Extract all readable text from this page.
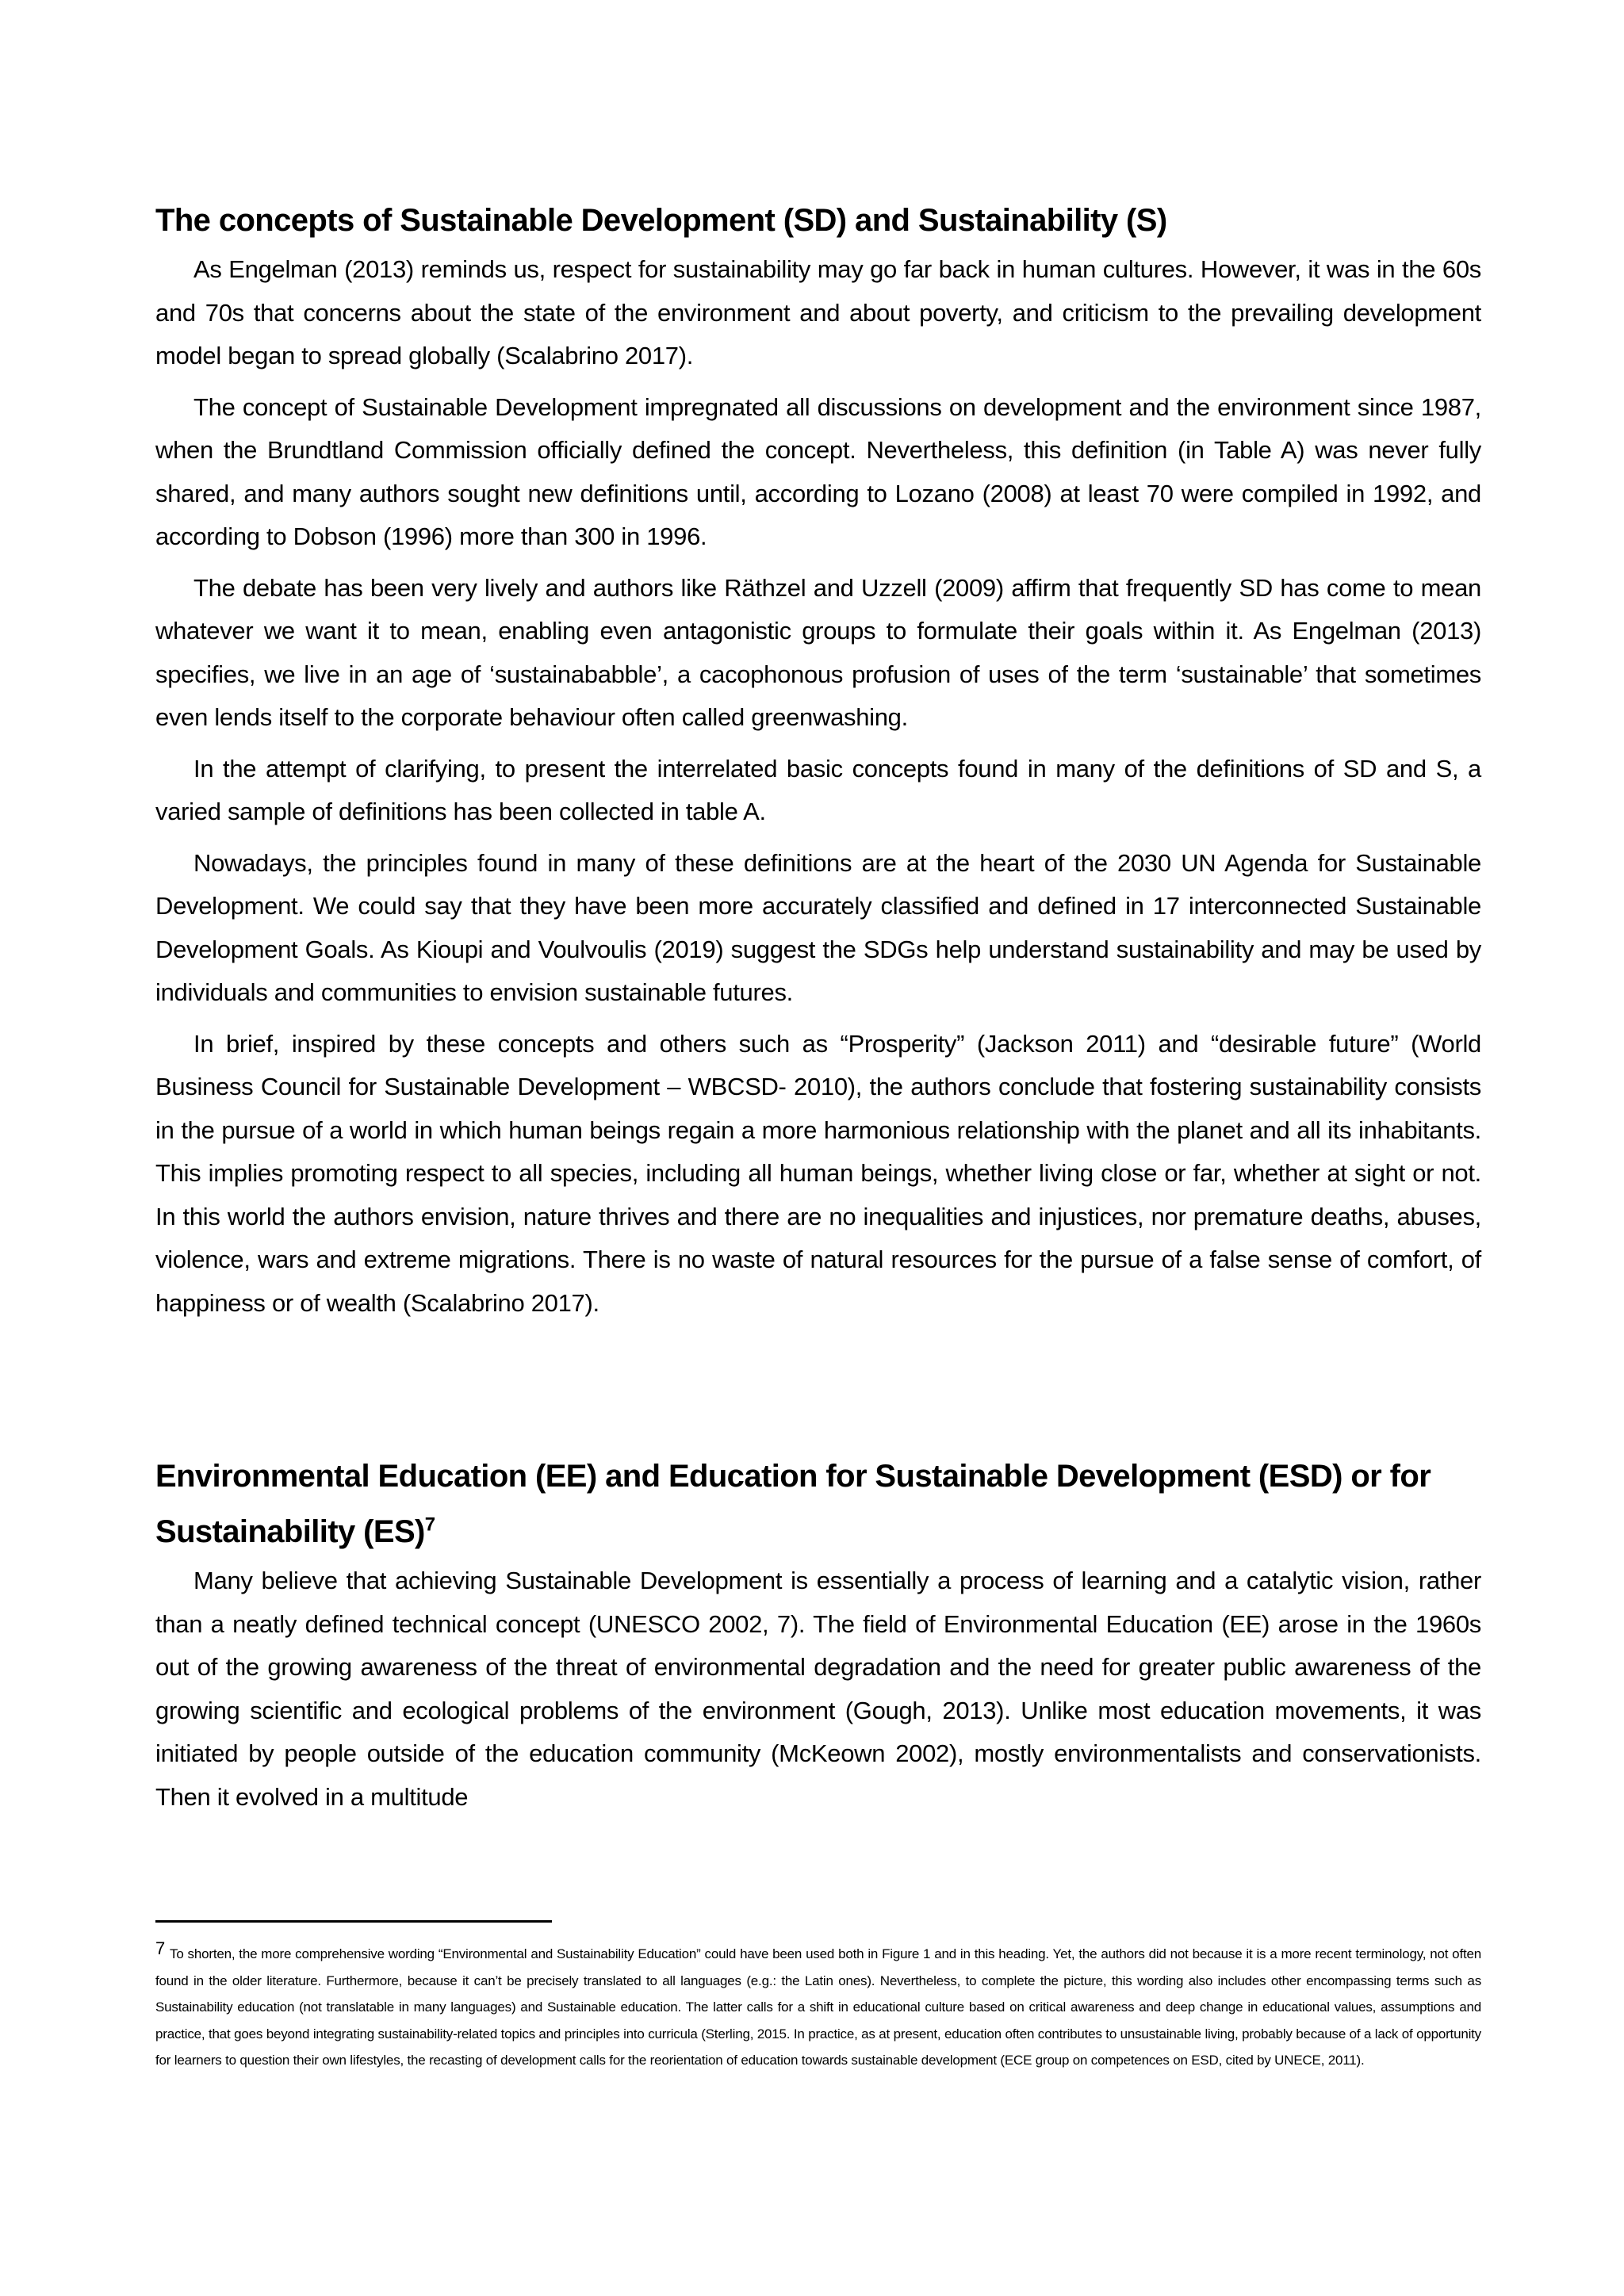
The concepts of Sustainable Development (SD) and Sustainability (S)

As Engelman (2013) reminds us, respect for sustainability may go far back in human cultures. However, it was in the 60s and 70s that concerns about the state of the environment and about poverty, and criticism to the prevailing development model began to spread globally (Scalabrino 2017).

The concept of Sustainable Development impregnated all discussions on development and the environment since 1987, when the Brundtland Commission officially defined the concept. Nevertheless, this definition (in Table A) was never fully shared, and many authors sought new definitions until, according to Lozano (2008) at least 70 were compiled in 1992, and according to Dobson (1996) more than 300 in 1996.

The debate has been very lively and authors like Räthzel and Uzzell (2009) affirm that frequently SD has come to mean whatever we want it to mean, enabling even antagonistic groups to formulate their goals within it. As Engelman (2013) specifies, we live in an age of ‘sustainababble’, a cacophonous profusion of uses of the term ‘sustainable’ that sometimes even lends itself to the corporate behaviour often called greenwashing.

In the attempt of clarifying, to present the interrelated basic concepts found in many of the definitions of SD and S, a varied sample of definitions has been collected in table A.

Nowadays, the principles found in many of these definitions are at the heart of the 2030 UN Agenda for Sustainable Development. We could say that they have been more accurately classified and defined in 17 interconnected Sustainable Development Goals. As Kioupi and Voulvoulis (2019) suggest the SDGs help understand sustainability and may be used by individuals and communities to envision sustainable futures.

In brief, inspired by these concepts and others such as “Prosperity” (Jackson 2011) and “desirable future” (World Business Council for Sustainable Development – WBCSD- 2010), the authors conclude that fostering sustainability consists in the pursue of a world in which human beings regain a more harmonious relationship with the planet and all its inhabitants. This implies promoting respect to all species, including all human beings, whether living close or far, whether at sight or not. In this world the authors envision, nature thrives and there are no inequalities and injustices, nor premature deaths, abuses, violence, wars and extreme migrations. There is no waste of natural resources for the pursue of a false sense of comfort, of happiness or of wealth (Scalabrino 2017).

Environmental Education (EE) and Education for Sustainable Development (ESD) or for Sustainability (ES)$^7$

Many believe that achieving Sustainable Development is essentially a process of learning and a catalytic vision, rather than a neatly defined technical concept (UNESCO 2002, 7). The field of Environmental Education (EE) arose in the 1960s out of the growing awareness of the threat of environmental degradation and the need for greater public awareness of the growing scientific and ecological problems of the environment (Gough, 2013). Unlike most education movements, it was initiated by people outside of the education community (McKeown 2002), mostly environmentalists and conservationists. Then it evolved in a multitude

$^7$ To shorten, the more comprehensive wording “Environmental and Sustainability Education” could have been used both in Figure 1 and in this heading. Yet, the authors did not because it is a more recent terminology, not often found in the older literature. Furthermore, because it can’t be precisely translated to all languages (e.g.: the Latin ones). Nevertheless, to complete the picture, this wording also includes other encompassing terms such as Sustainability education (not translatable in many languages) and Sustainable education. The latter calls for a shift in educational culture based on critical awareness and deep change in educational values, assumptions and practice, that goes beyond integrating sustainability-related topics and principles into curricula (Sterling, 2015. In practice, as at present, education often contributes to unsustainable living, probably because of a lack of opportunity for learners to question their own lifestyles, the recasting of development calls for the reorientation of education towards sustainable development (ECE group on competences on ESD, cited by UNECE, 2011).
